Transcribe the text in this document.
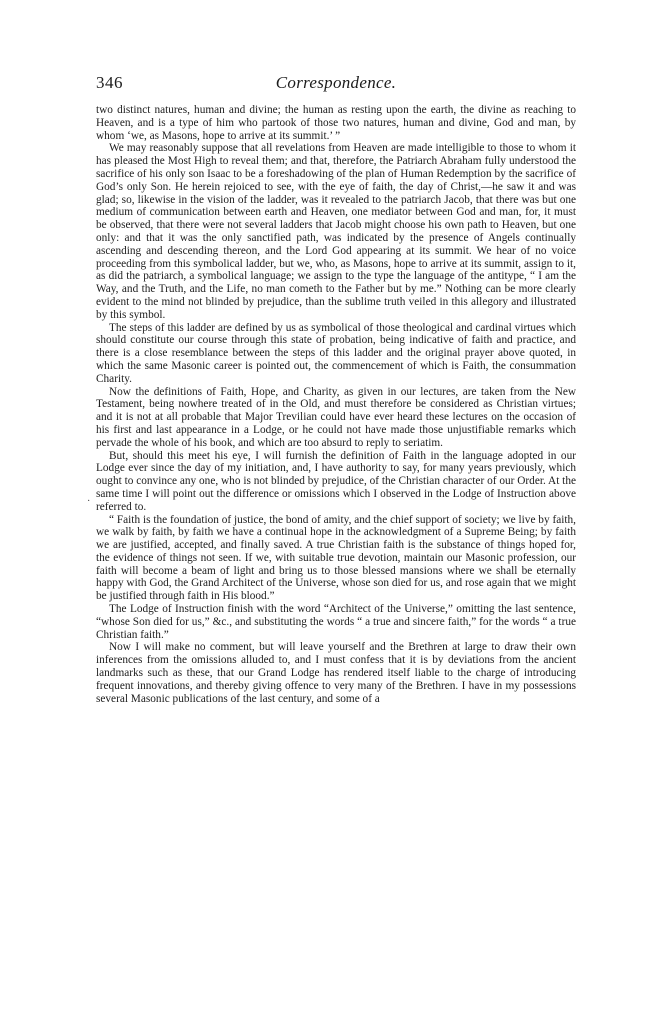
346	Correspondence.

two distinct natures, human and divine; the human as resting upon the earth, the divine as reaching to Heaven, and is a type of him who partook of those two natures, human and divine, God and man, by whom ‘we, as Masons, hope to arrive at its summit.’ ”

We may reasonably suppose that all revelations from Heaven are made intelligible to those to whom it has pleased the Most High to reveal them; and that, therefore, the Patriarch Abraham fully understood the sacrifice of his only son Isaac to be a foreshadowing of the plan of Human Redemption by the sacrifice of God’s only Son. He herein rejoiced to see, with the eye of faith, the day of Christ,—he saw it and was glad; so, likewise in the vision of the ladder, was it revealed to the patriarch Jacob, that there was but one medium of communication between earth and Heaven, one mediator between God and man, for, it must be observed, that there were not several ladders that Jacob might choose his own path to Heaven, but one only: and that it was the only sanctified path, was indicated by the presence of Angels continually ascending and descending thereon, and the Lord God appearing at its summit. We hear of no voice proceeding from this symbolical ladder, but we, who, as Masons, hope to arrive at its summit, assign to it, as did the patriarch, a symbolical language; we assign to the type the language of the antitype, “ I am the Way, and the Truth, and the Life, no man cometh to the Father but by me.” Nothing can be more clearly evident to the mind not blinded by prejudice, than the sublime truth veiled in this allegory and illustrated by this symbol.

The steps of this ladder are defined by us as symbolical of those theological and cardinal virtues which should constitute our course through this state of probation, being indicative of faith and practice, and there is a close resemblance between the steps of this ladder and the original prayer above quoted, in which the same Masonic career is pointed out, the commencement of which is Faith, the consummation Charity.

Now the definitions of Faith, Hope, and Charity, as given in our lectures, are taken from the New Testament, being nowhere treated of in the Old, and must therefore be considered as Christian virtues; and it is not at all probable that Major Trevilian could have ever heard these lectures on the occasion of his first and last appearance in a Lodge, or he could not have made those unjustifiable remarks which pervade the whole of his book, and which are too absurd to reply to seriatim.

But, should this meet his eye, I will furnish the definition of Faith in the language adopted in our Lodge ever since the day of my initiation, and, I have authority to say, for many years previously, which ought to convince any one, who is not blinded by prejudice, of the Christian character of our Order. At the same time I will point out the difference or omissions which I observed in the Lodge of Instruction above referred to.

“ Faith is the foundation of justice, the bond of amity, and the chief support of society; we live by faith, we walk by faith, by faith we have a continual hope in the acknowledgment of a Supreme Being; by faith we are justified, accepted, and finally saved. A true Christian faith is the substance of things hoped for, the evidence of things not seen. If we, with suitable true devotion, maintain our Masonic profession, our faith will become a beam of light and bring us to those blessed mansions where we shall be eternally happy with God, the Grand Architect of the Universe, whose son died for us, and rose again that we might be justified through faith in His blood.”

The Lodge of Instruction finish with the word “Architect of the Universe,” omitting the last sentence, “whose Son died for us,” &c., and substituting the words “ a true and sincere faith,” for the words “ a true Christian faith.”

Now I will make no comment, but will leave yourself and the Brethren at large to draw their own inferences from the omissions alluded to, and I must confess that it is by deviations from the ancient landmarks such as these, that our Grand Lodge has rendered itself liable to the charge of introducing frequent innovations, and thereby giving offence to very many of the Brethren. I have in my possessions several Masonic publications of the last century, and some of a

·
